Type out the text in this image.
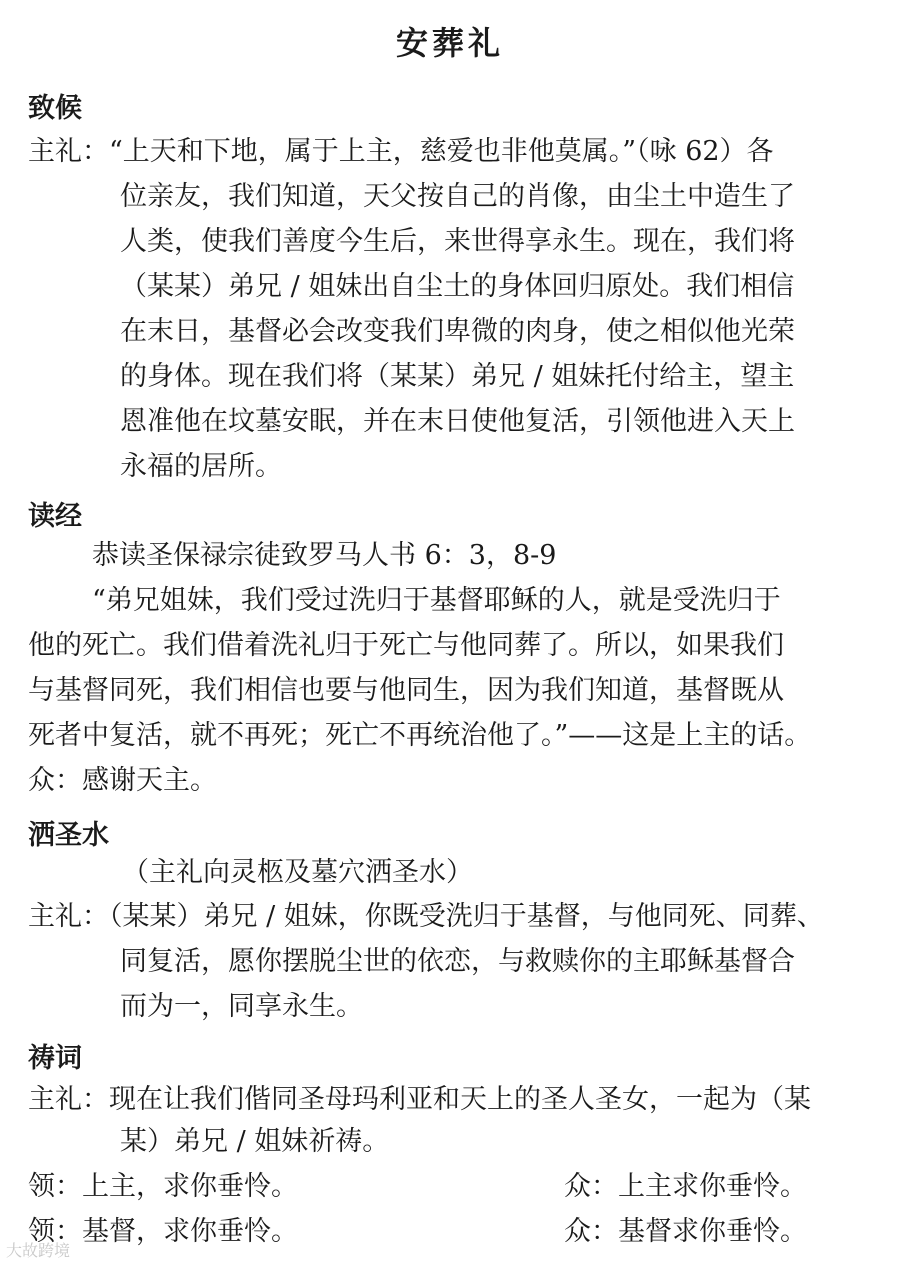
安葬礼
致候
主礼：“上天和下地，属于上主，慈爱也非他莫属。”（咏 62）各
位亲友，我们知道，天父按自己的肖像，由尘土中造生了
人类，使我们善度今生后，来世得享永生。现在，我们将
（某某）弟兄 / 姐妹出自尘土的身体回归原处。我们相信
在末日，基督必会改变我们卑微的肉身，使之相似他光荣
的身体。现在我们将（某某）弟兄 / 姐妹托付给主，望主
恩准他在坟墓安眠，并在末日使他复活，引领他进入天上
永福的居所。
读经
恭读圣保禄宗徒致罗马人书 6：3，8-9
“弟兄姐妹，我们受过洗归于基督耶稣的人，就是受洗归于
他的死亡。我们借着洗礼归于死亡与他同葬了。所以，如果我们
与基督同死，我们相信也要与他同生，因为我们知道，基督既从
死者中复活，就不再死；死亡不再统治他了。”——这是上主的话。
众：感谢天主。
洒圣水
（主礼向灵柩及墓穴洒圣水）
主礼：（某某）弟兄 / 姐妹，你既受洗归于基督，与他同死、同葬、
同复活，愿你摆脱尘世的依恋，与救赎你的主耶稣基督合
而为一，同享永生。
祷词
主礼：现在让我们偕同圣母玛利亚和天上的圣人圣女，一起为（某
某）弟兄 / 姐妹祈祷。
领：上主，求你垂怜。	众：上主求你垂怜。
领：基督，求你垂怜。	众：基督求你垂怜。
大故跨境
